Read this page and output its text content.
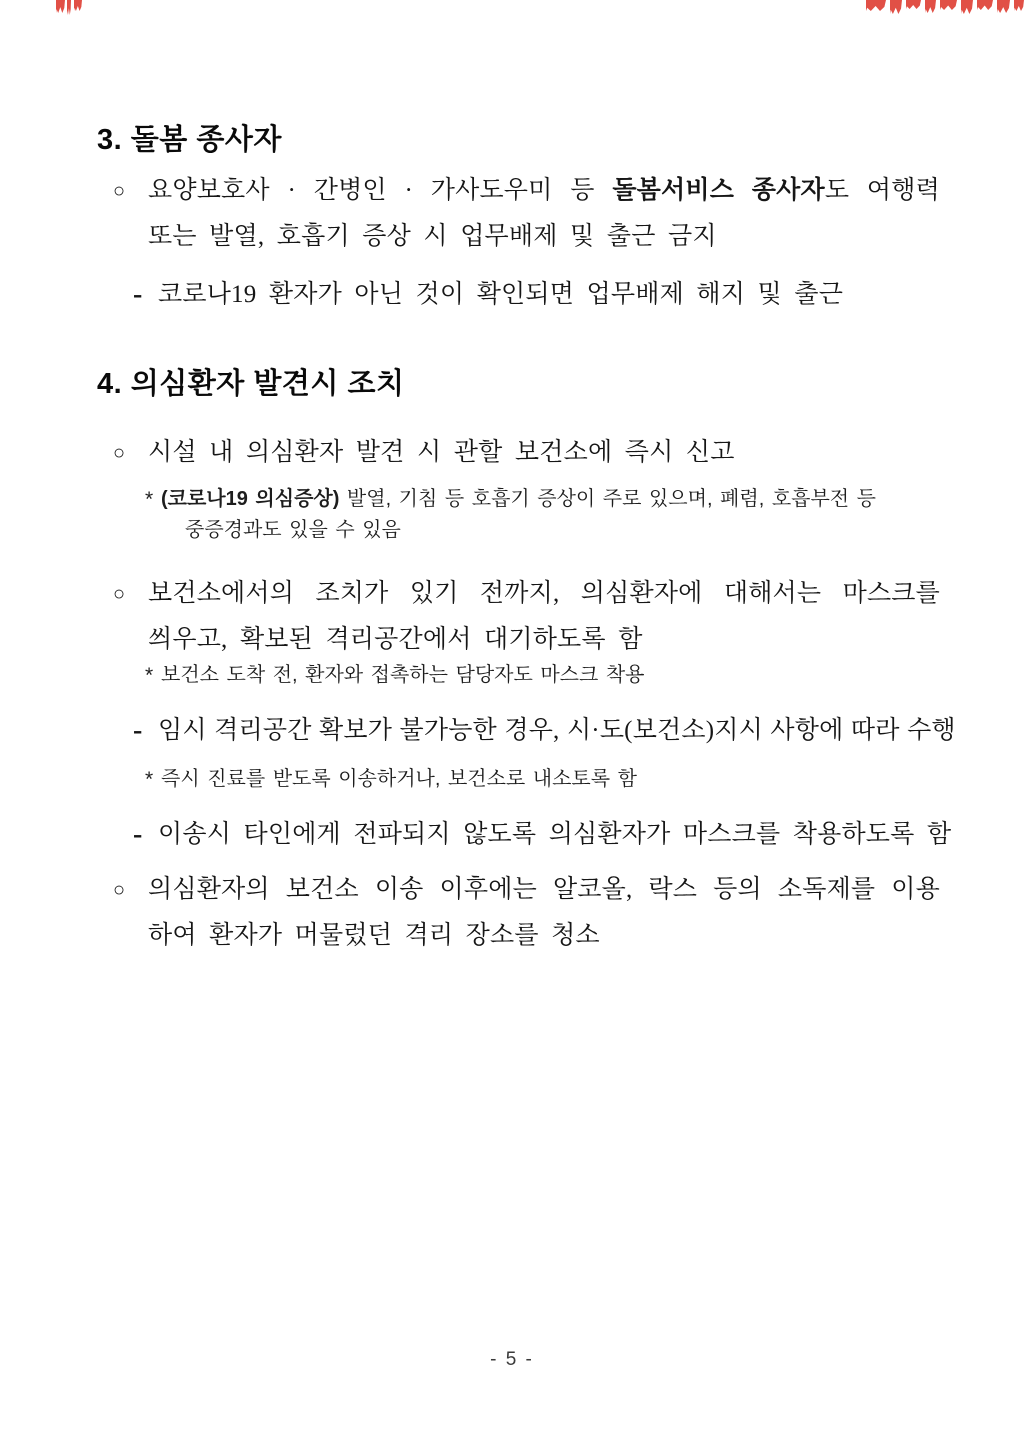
3. 돌봄 종사자
○ 요양보호사 · 간병인 · 가사도우미 등 돌봄서비스 종사자도 여행력
또는 발열, 호흡기 증상 시 업무배제 및 출근 금지
- 코로나19 환자가 아닌 것이 확인되면 업무배제 해지 및 출근
4. 의심환자 발견시 조치
○ 시설 내 의심환자 발견 시 관할 보건소에 즉시 신고
* (코로나19 의심증상) 발열, 기침 등 호흡기 증상이 주로 있으며, 폐렴, 호흡부전 등
중증경과도 있을 수 있음
○ 보건소에서의 조치가 있기 전까지, 의심환자에 대해서는 마스크를
씌우고, 확보된 격리공간에서 대기하도록 함
* 보건소 도착 전, 환자와 접촉하는 담당자도 마스크 착용
- 임시 격리공간 확보가 불가능한 경우, 시·도(보건소)지시 사항에 따라 수행
* 즉시 진료를 받도록 이송하거나, 보건소로 내소토록 함
- 이송시 타인에게 전파되지 않도록 의심환자가 마스크를 착용하도록 함
○ 의심환자의 보건소 이송 이후에는 알코올, 락스 등의 소독제를 이용
하여 환자가 머물렀던 격리 장소를 청소
- 5 -
